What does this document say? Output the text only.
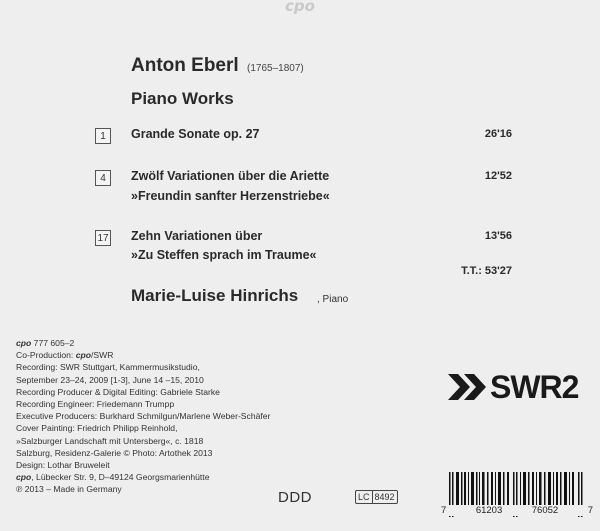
cpo
Anton Eberl (1765–1807)
Piano Works
1 Grande Sonate op. 27	26'16
4 Zwölf Variationen über die Ariette
»Freundin sanfter Herzenstriebe«
12'52
17 Zehn Variationen über
»Zu Steffen sprach im Traume«
13'56
T.T.: 53'27
Marie-Luise Hinrichs , Piano
cpo 777 605–2
Co-Production: cpo/SWR
Recording: SWR Stuttgart, Kammermusikstudio,
September 23–24, 2009 [1-3], June 14 –15, 2010
Recording Producer & Digital Editing: Gabriele Starke
Recording Engineer: Friedemann Trumpp
Executive Producers: Burkhard Schmilgun/Marlene Weber-Schäfer
Cover Painting: Friedrich Philipp Reinhold,
»Salzburger Landschaft mit Untersberg«, c. 1818
Salzburg, Residenz-Galerie © Photo: Artothek 2013
Design: Lothar Bruweleit
cpo, Lübecker Str. 9, D–49124 Georgsmarienhütte
℗ 2013 – Made in Germany
SWR2
DDD	LC 8492
7	61203	76052	7
